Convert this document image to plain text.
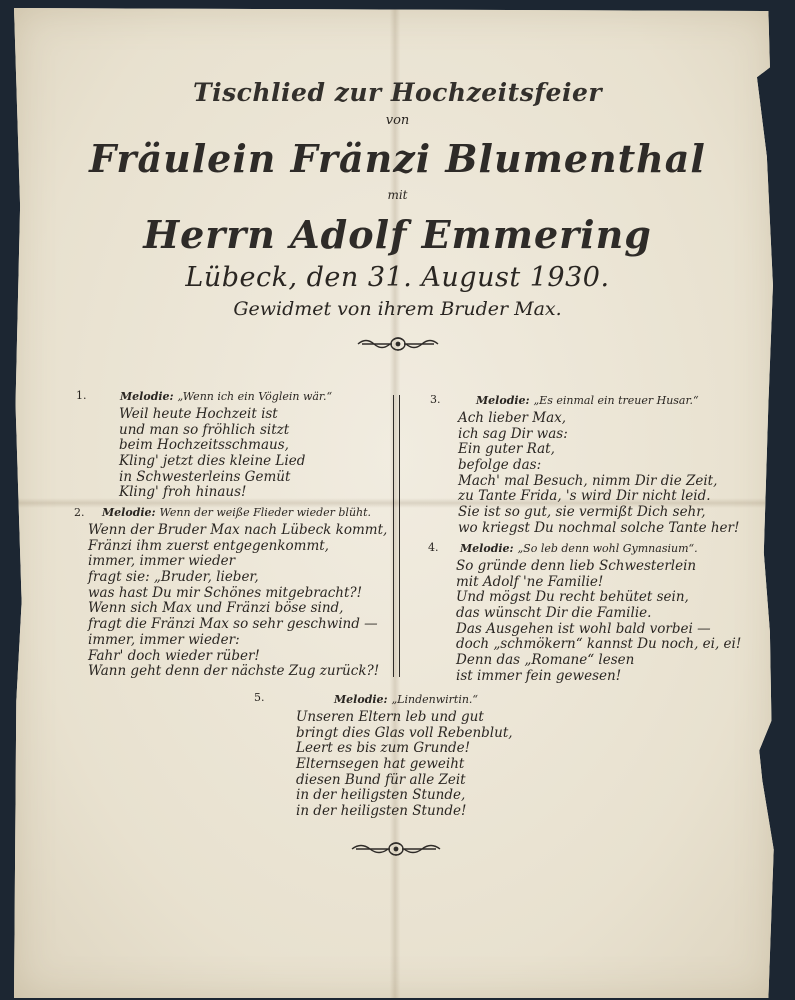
Tischlied zur Hochzeitsfeier
von
Fräulein Fränzi Blumenthal
mit
Herrn Adolf Emmering
Lübeck, den 31. August 1930.
Gewidmet von ihrem Bruder Max.
1.	Melodie: „Wenn ich ein Vöglein wär.“
Weil heute Hochzeit ist
und man so fröhlich sitzt
beim Hochzeitsschmaus,
Kling' jetzt dies kleine Lied
in Schwesterleins Gemüt
Kling' froh hinaus!
2. Melodie: Wenn der weiße Flieder wieder blüht.
Wenn der Bruder Max nach Lübeck kommt,
Fränzi ihm zuerst entgegenkommt,
immer, immer wieder
fragt sie: „Bruder, lieber,
was hast Du mir Schönes mitgebracht?!
Wenn sich Max und Fränzi böse sind,
fragt die Fränzi Max so sehr geschwind —
immer, immer wieder:
Fahr' doch wieder rüber!
Wann geht denn der nächste Zug zurück?!
3.	Melodie: „Es einmal ein treuer Husar.“
Ach lieber Max,
ich sag Dir was:
Ein guter Rat,
befolge das:
Mach' mal Besuch, nimm Dir die Zeit,
zu Tante Frida, 's wird Dir nicht leid.
Sie ist so gut, sie vermißt Dich sehr,
wo kriegst Du nochmal solche Tante her!
4. Melodie: „So leb denn wohl Gymnasium“.
So gründe denn lieb Schwesterlein
mit Adolf 'ne Familie!
Und mögst Du recht behütet sein,
das wünscht Dir die Familie.
Das Ausgehen ist wohl bald vorbei —
doch „schmökern“ kannst Du noch, ei, ei!
Denn das „Romane“ lesen
ist immer fein gewesen!
5.	Melodie: „Lindenwirtin.“
Unseren Eltern leb und gut
bringt dies Glas voll Rebenblut,
Leert es bis zum Grunde!
Elternsegen hat geweiht
diesen Bund für alle Zeit
in der heiligsten Stunde,
in der heiligsten Stunde!
